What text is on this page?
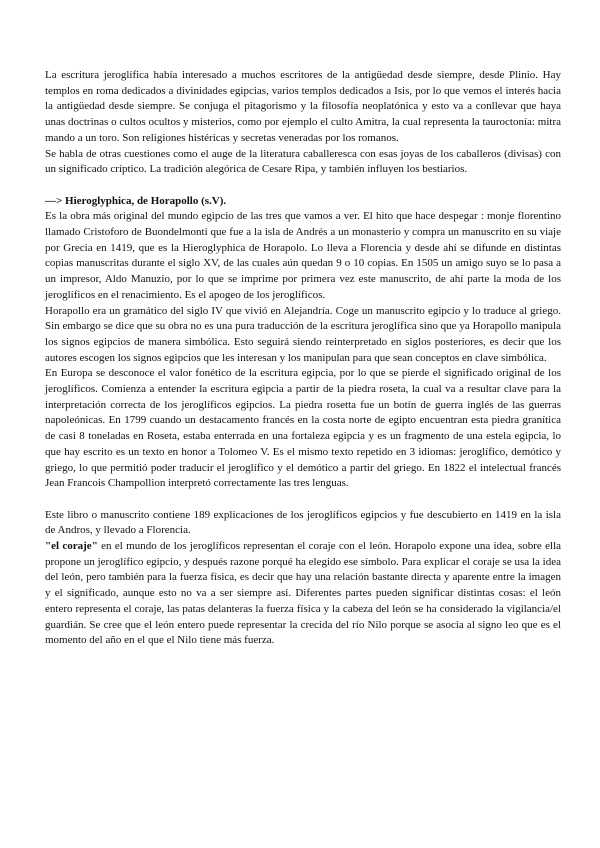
La escritura jeroglífica había interesado a muchos escritores de la antigüedad desde siempre, desde Plinio. Hay templos en roma dedicados a divinidades egipcias, varios templos dedicados a Isis, por lo que vemos el interés hacia la antigüedad desde siempre. Se conjuga el pitagorismo y la filosofía neoplatónica y esto va a conllevar que haya unas doctrinas o cultos ocultos y misterios, como por ejemplo el culto Amitra, la cual representa la tauroctonía: mitra mando a un toro. Son religiones histéricas y secretas veneradas por los romanos.

Se habla de otras cuestiones como el auge de la literatura caballeresca con esas joyas de los caballeros (divisas) con un significado críptico. La tradición alegórica de Cesare Ripa, y también influyen los bestiarios.

—> Hieroglyphica, de Horapollo (s.V).

Es la obra más original del mundo egipcio de las tres que vamos a ver. El hito que hace despegar : monje florentino llamado Cristoforo de Buondelmonti que fue a la isla de Andrés a un monasterio y compra un manuscrito en su viaje por Grecia en 1419, que es la Hieroglyphica de Horapolo. Lo lleva a Florencia y desde ahí se difunde en distintas copias manuscritas durante el siglo XV, de las cuales aún quedan 9 o 10 copias. En 1505 un amigo suyo se lo pasa a un impresor, Aldo Manuzio, por lo que se imprime por primera vez este manuscrito, de ahí parte la moda de los jeroglíficos en el renacimiento. Es el apogeo de los jeroglíficos.

Horapollo era un gramático del siglo IV que vivió en Alejandría. Coge un manuscrito egipcio y lo traduce al griego. Sin embargo se dice que su obra no es una pura traducción de la escritura jeroglífica sino que ya Horapollo manipula los signos egipcios de manera simbólica. Esto seguirá siendo reinterpretado en siglos posteriores, es decir que los autores escogen los signos egipcios que les interesan y los manipulan para que sean conceptos en clave simbólica.

En Europa se desconoce el valor fonético de la escritura egipcia, por lo que se pierde el significado original de los jeroglíficos. Comienza a entender la escritura egipcia a partir de la piedra roseta, la cual va a resultar clave para la interpretación correcta de los jeroglíficos egipcios. La piedra rosetta fue un botín de guerra inglés de las guerras napoleónicas. En 1799 cuando un destacamento francés en la costa norte de egipto encuentran esta piedra granítica de casi 8 toneladas en Roseta, estaba enterrada en una fortaleza egipcia y es un fragmento de una estela egipcia, lo que hay escrito es un texto en honor a Tolomeo V. Es el mismo texto repetido en 3 idiomas: jeroglífico, demótico y griego, lo que permitió poder traducir el jeroglífico y el demótico a partir del griego. En 1822 el intelectual francés Jean Francois Champollion interpretó correctamente las tres lenguas.

Este libro o manuscrito contiene 189 explicaciones de los jeroglíficos egipcios y fue descubierto en 1419 en la isla de Andros, y llevado a Florencia.

"el coraje" en el mundo de los jeroglíficos representan el coraje con el león. Horapolo expone una idea, sobre ella propone un jeroglífico egipcio, y después razone porqué ha elegido ese símbolo. Para explicar el coraje se usa la idea del león, pero también para la fuerza física, es decir que hay una relación bastante directa y aparente entre la imagen y el significado, aunque esto no va a ser siempre así. Diferentes partes pueden significar distintas cosas: el león entero representa el coraje, las patas delanteras la fuerza física y la cabeza del león se ha considerado la vigilancia/el guardián. Se cree que el león entero puede representar la crecida del río Nilo porque se asocia al signo leo que es el momento del año en el que el Nilo tiene más fuerza.
